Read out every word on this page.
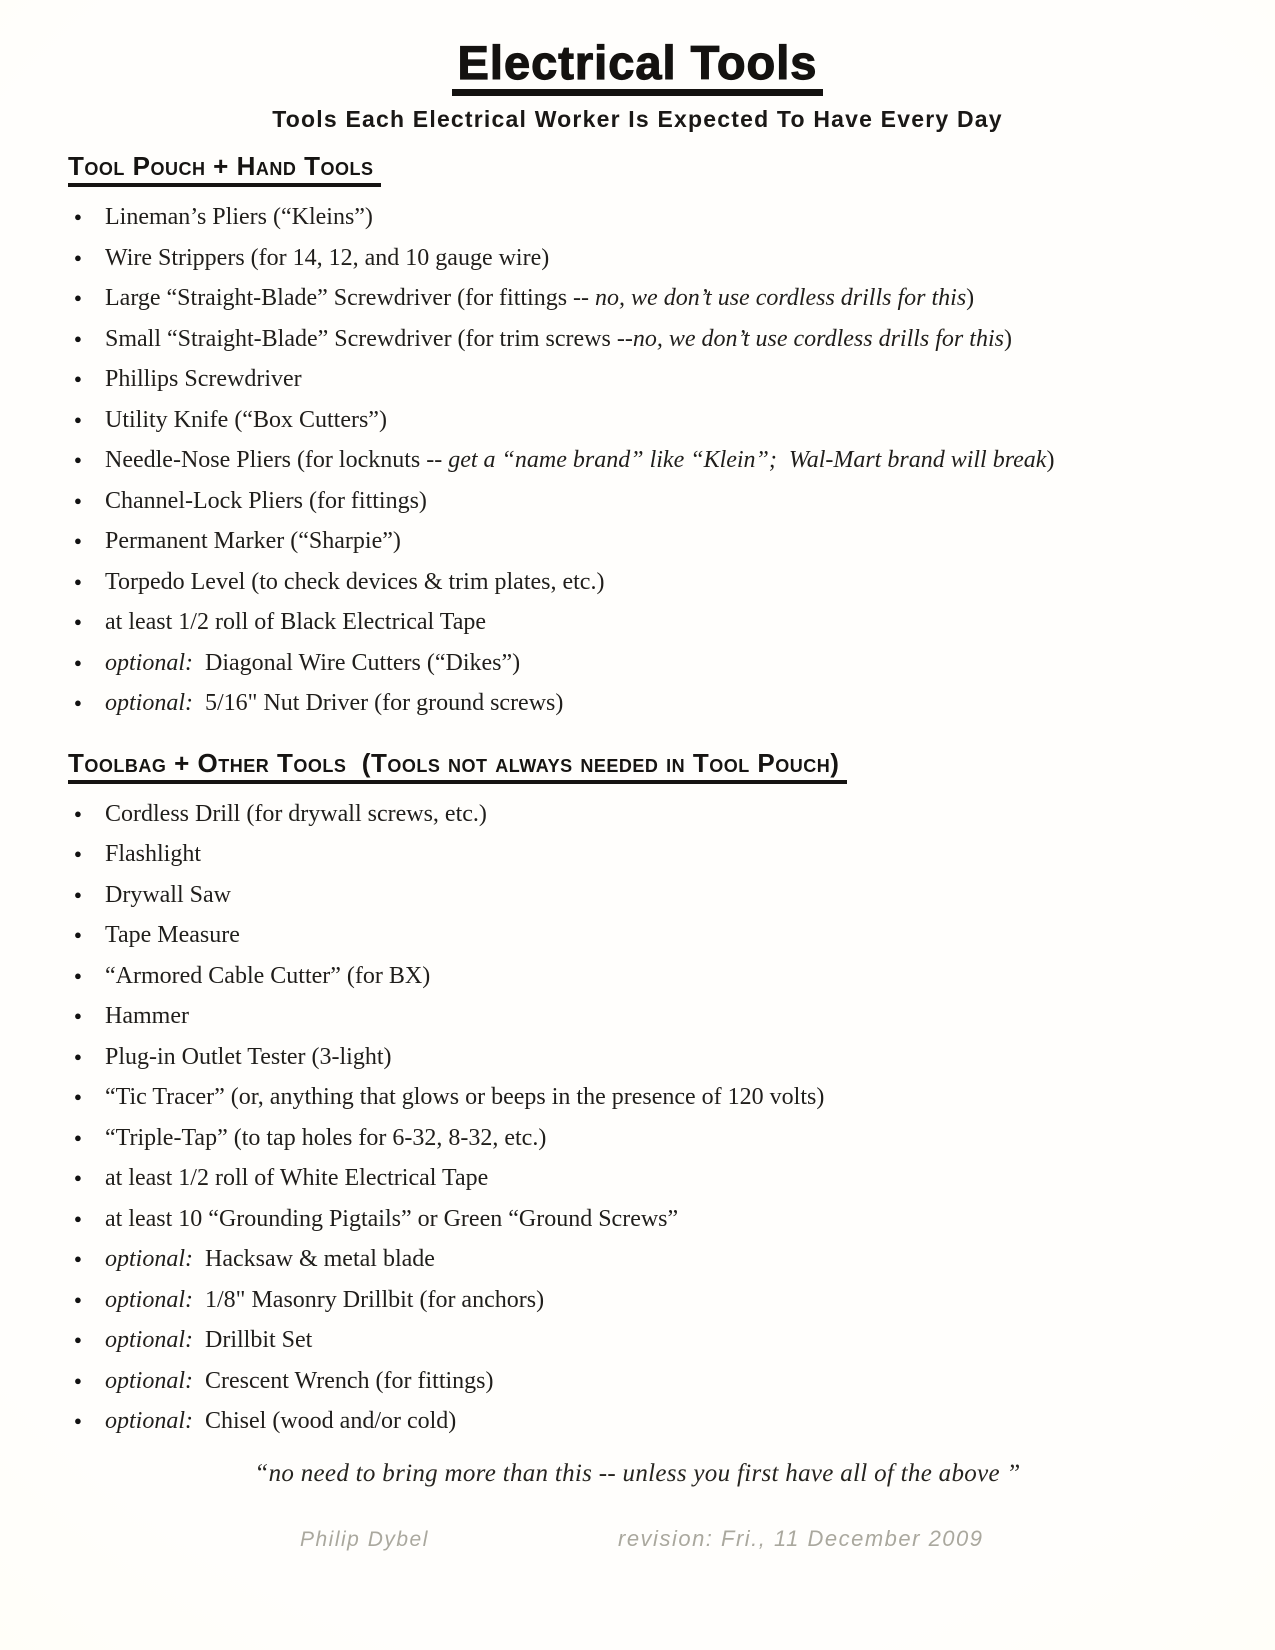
Electrical Tools
Tools Each Electrical Worker Is Expected To Have Every Day
Tool Pouch + Hand Tools
● Lineman’s Pliers (“Kleins”)
● Wire Strippers (for 14, 12, and 10 gauge wire)
● Large “Straight-Blade” Screwdriver (for fittings -- no, we don’t use cordless drills for this)
● Small “Straight-Blade” Screwdriver (for trim screws --no, we don’t use cordless drills for this)
● Phillips Screwdriver
● Utility Knife (“Box Cutters”)
● Needle-Nose Pliers (for locknuts -- get a “name brand” like “Klein”;  Wal-Mart brand will break)
● Channel-Lock Pliers (for fittings)
● Permanent Marker (“Sharpie”)
● Torpedo Level (to check devices & trim plates, etc.)
● at least 1/2 roll of Black Electrical Tape
● optional:  Diagonal Wire Cutters (“Dikes”)
● optional:  5/16" Nut Driver (for ground screws)
Toolbag + Other Tools  (Tools not always needed in Tool Pouch)
● Cordless Drill (for drywall screws, etc.)
● Flashlight
● Drywall Saw
● Tape Measure
● “Armored Cable Cutter” (for BX)
● Hammer
● Plug-in Outlet Tester (3-light)
● “Tic Tracer” (or, anything that glows or beeps in the presence of 120 volts)
● “Triple-Tap” (to tap holes for 6-32, 8-32, etc.)
● at least 1/2 roll of White Electrical Tape
● at least 10 “Grounding Pigtails” or Green “Ground Screws”
● optional:  Hacksaw & metal blade
● optional:  1/8" Masonry Drillbit (for anchors)
● optional:  Drillbit Set
● optional:  Crescent Wrench (for fittings)
● optional:  Chisel (wood and/or cold)
“no need to bring more than this -- unless you first have all of the above ”
Philip Dybel	revision: Fri., 11 December 2009
